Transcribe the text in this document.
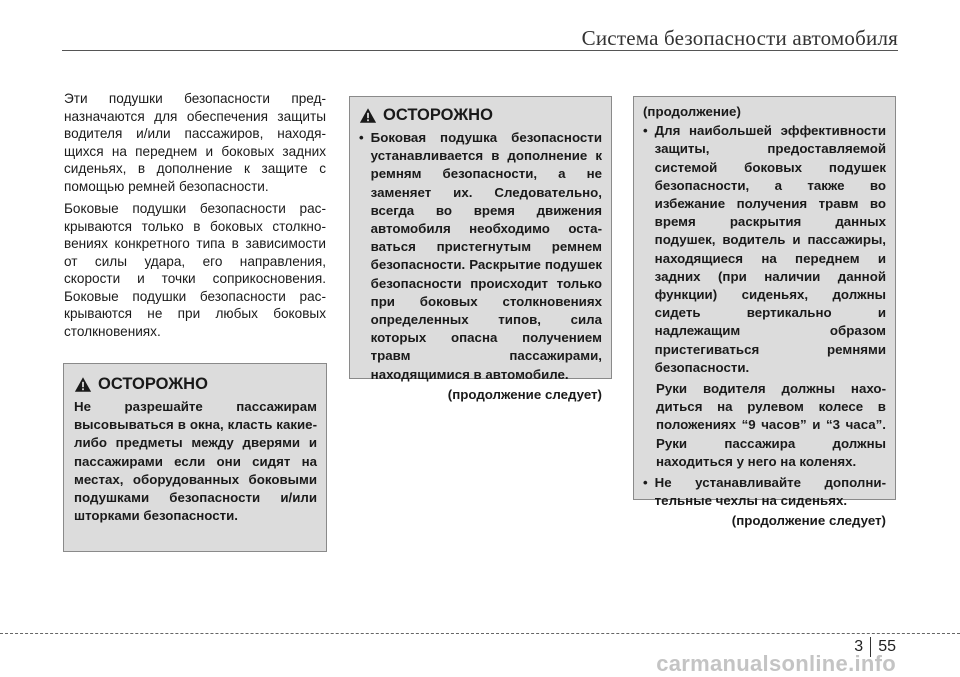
Система безопасности автомобиля

Эти подушки безопасности предназначаются для обеспечения защиты водителя и/или пассажиров, находящихся на переднем и боковых задних сиденьях, в дополнение к защите с помощью ремней безопасности.

Боковые подушки безопасности раскрываются только в боковых столкновениях конкретного типа в зависимости от силы удара, его направления, скорости и точки соприкосновения. Боковые подушки безопасности раскрываются не при любых боковых столкновениях.

ОСТОРОЖНО
Не разрешайте пассажирам высовываться в окна, класть какие-либо предметы между дверями и пассажирами если они сидят на местах, оборудованных боковыми подушками безопасности и/или шторками безопасности.
ОСТОРОЖНО
• Боковая подушка безопасности устанавливается в дополнение к ремням безопасности, а не заменяет их. Следовательно, всегда во время движения автомобиля необходимо оставаться пристегнутым ремнем безопасности. Раскрытие подушек безопасности происходит только при боковых столкновениях определенных типов, сила которых опасна получением травм пассажирами, находящимися в автомобиле.
(продолжение следует)
(продолжение)
• Для наибольшей эффективности защиты, предоставляемой системой боковых подушек безопасности, а также во избежание получения травм во время раскрытия данных подушек, водитель и пассажиры, находящиеся на переднем и задних (при наличии данной функции) сиденьях, должны сидеть вертикально и надлежащим образом пристегиваться ремнями безопасности.
Руки водителя должны находиться на рулевом колесе в положениях “9 часов” и “3 часа”. Руки пассажира должны находиться у него на коленях.
• Не устанавливайте дополнительные чехлы на сиденьях.
(продолжение следует)
3 55
carmanualsonline.info
